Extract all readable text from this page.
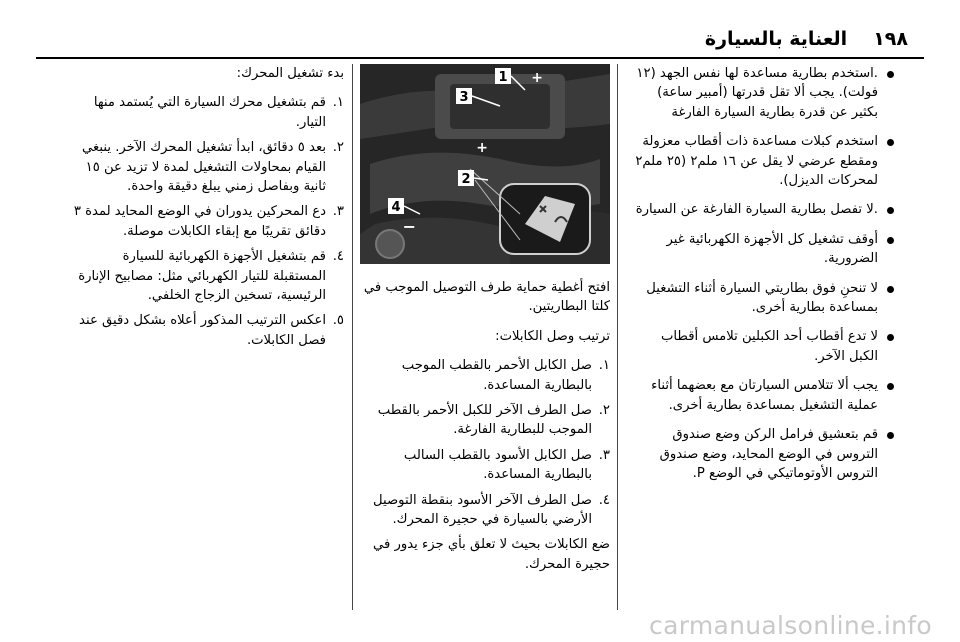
١٩٨
العناية بالسيارة
.استخدم بطارية مساعدة لها نفس الجهد (١٢ فولت). يجب ألا تقل قدرتها (أمبير ساعة) بكثير عن قدرة بطارية السيارة الفارغة
استخدم كبلات مساعدة ذات أقطاب معزولة ومقطع عرضي لا يقل عن ١٦ ملم٢ (٢٥ ملم٢ لمحركات الديزل).
.لا تفصل بطارية السيارة الفارغة عن السيارة
أوقف تشغيل كل الأجهزة الكهربائية غير الضرورية.
لا تنحنِ فوق بطاريتي السيارة أثناء التشغيل بمساعدة بطارية أخرى.
لا تدع أقطاب أحد الكبلين تلامس أقطاب الكبل الآخر.
يجب ألا تتلامس السيارتان مع بعضهما أثناء عملية التشغيل بمساعدة بطارية أخرى.
قم بتعشيق فرامل الركن وضع صندوق التروس في الوضع المحايد، وضع صندوق التروس الأوتوماتيكي في الوضع P.
1
2
3
4
+
+
−
افتح أغطية حماية طرف التوصيل الموجب في كلتا البطاريتين.
ترتيب وصل الكابلات:
١.
صل الكابل الأحمر بالقطب الموجب بالبطارية المساعدة.
٢.
صل الطرف الآخر للكبل الأحمر بالقطب الموجب للبطارية الفارغة.
٣.
صل الكابل الأسود بالقطب السالب بالبطارية المساعدة.
٤.
صل الطرف الآخر الأسود بنقطة التوصيل الأرضي بالسيارة في حجيرة المحرك.
ضع الكابلات بحيث لا تعلق بأي جزء يدور في حجيرة المحرك.
بدء تشغيل المحرك:
١.
قم بتشغيل محرك السيارة التي يُستمد منها التيار.
٢.
بعد ٥ دقائق، ابدأ تشغيل المحرك الآخر. ينبغي القيام بمحاولات التشغيل لمدة لا تزيد عن ١٥ ثانية وبفاصل زمني يبلغ دقيقة واحدة.
٣.
دع المحركين يدوران في الوضع المحايد لمدة ٣ دقائق تقريبًا مع إبقاء الكابلات موصلة.
٤.
قم بتشغيل الأجهزة الكهربائية للسيارة المستقبلة للتيار الكهربائي مثل: مصابيح الإنارة الرئيسية، تسخين الزجاج الخلفي.
٥.
اعكس الترتيب المذكور أعلاه بشكل دقيق عند فصل الكابلات.
carmanualsonline.info
